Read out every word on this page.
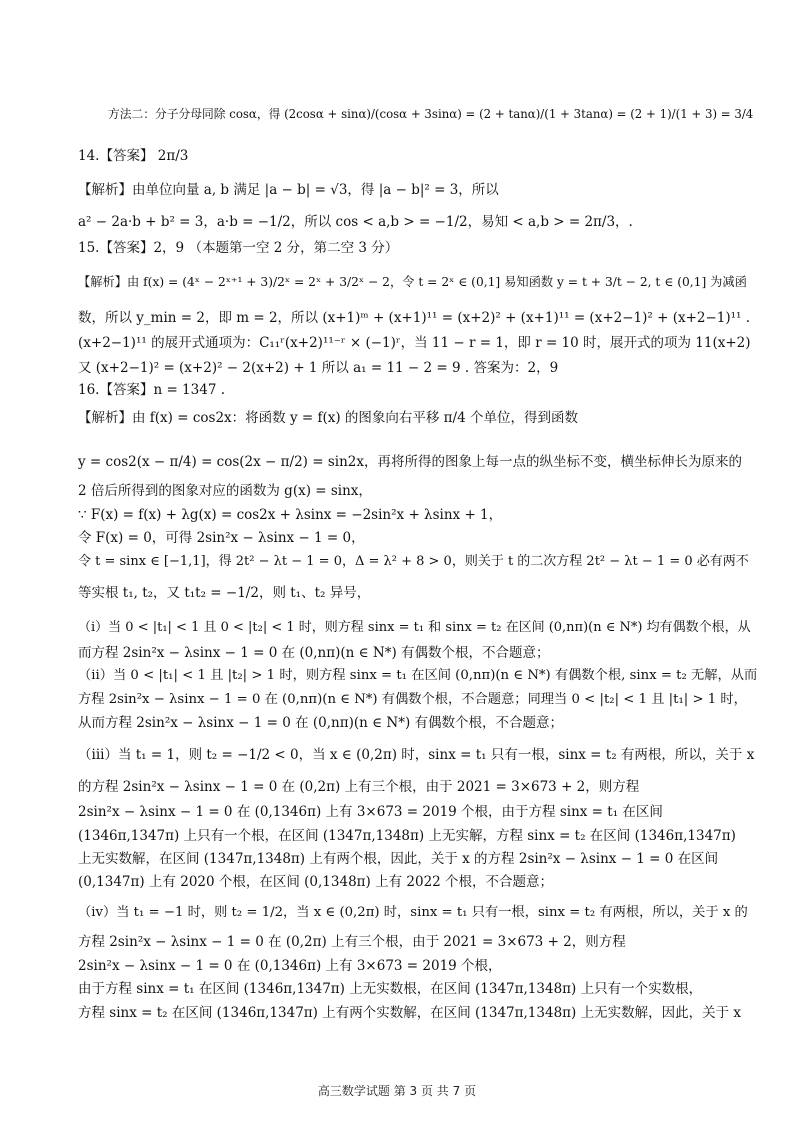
方法二：分子分母同除 cosα，得 (2cosα + sinα)/(cosα + 3sinα) = (2 + tanα)/(1 + 3tanα) = (2 + 1)/(1 + 3) = 3/4
14.【答案】 2π/3
【解析】由单位向量 a, b 满足 |a − b| = √3，得 |a − b|² = 3，所以
a² − 2a·b + b² = 3，a·b = −1/2，所以 cos < a,b > = −1/2，易知 < a,b > = 2π/3，.
15.【答案】2，9 （本题第一空 2 分，第二空 3 分）
【解析】由 f(x) = (4ˣ − 2ˣ⁺¹ + 3)/2ˣ = 2ˣ + 3/2ˣ − 2，令 t = 2ˣ ∈ (0,1] 易知函数 y = t + 3/t − 2, t ∈ (0,1] 为减函
数，所以 y_min = 2，即 m = 2，所以 (x+1)ᵐ + (x+1)¹¹ = (x+2)² + (x+1)¹¹ = (x+2−1)² + (x+2−1)¹¹ .
(x+2−1)¹¹ 的展开式通项为：C₁₁ʳ(x+2)¹¹⁻ʳ × (−1)ʳ，当 11 − r = 1，即 r = 10 时，展开式的项为 11(x+2)
又 (x+2−1)² = (x+2)² − 2(x+2) + 1 所以 a₁ = 11 − 2 = 9 . 答案为：2，9
16.【答案】n = 1347 .
【解析】由 f(x) = cos2x：将函数 y = f(x) 的图象向右平移 π/4 个单位，得到函数
y = cos2(x − π/4) = cos(2x − π/2) = sin2x，再将所得的图象上每一点的纵坐标不变，横坐标伸长为原来的
2 倍后所得到的图象对应的函数为 g(x) = sinx，
∵ F(x) = f(x) + λg(x) = cos2x + λsinx = −2sin²x + λsinx + 1，
令 F(x) = 0，可得 2sin²x − λsinx − 1 = 0，
令 t = sinx ∈ [−1,1]，得 2t² − λt − 1 = 0，Δ = λ² + 8 > 0，则关于 t 的二次方程 2t² − λt − 1 = 0 必有两不
等实根 t₁, t₂，又 t₁t₂ = −1/2，则 t₁、t₂ 异号，
（i）当 0 < |t₁| < 1 且 0 < |t₂| < 1 时，则方程 sinx = t₁ 和 sinx = t₂ 在区间 (0,nπ)(n ∈ N*) 均有偶数个根，从
而方程 2sin²x − λsinx − 1 = 0 在 (0,nπ)(n ∈ N*) 有偶数个根，不合题意；
（ii）当 0 < |t₁| < 1 且 |t₂| > 1 时，则方程 sinx = t₁ 在区间 (0,nπ)(n ∈ N*) 有偶数个根, sinx = t₂ 无解，从而
方程 2sin²x − λsinx − 1 = 0 在 (0,nπ)(n ∈ N*) 有偶数个根，不合题意；同理当 0 < |t₂| < 1 且 |t₁| > 1 时，
从而方程 2sin²x − λsinx − 1 = 0 在 (0,nπ)(n ∈ N*) 有偶数个根，不合题意；
（iii）当 t₁ = 1，则 t₂ = −1/2 < 0，当 x ∈ (0,2π) 时，sinx = t₁ 只有一根，sinx = t₂ 有两根，所以，关于 x
的方程 2sin²x − λsinx − 1 = 0 在 (0,2π) 上有三个根，由于 2021 = 3×673 + 2，则方程
2sin²x − λsinx − 1 = 0 在 (0,1346π) 上有 3×673 = 2019 个根，由于方程 sinx = t₁ 在区间
(1346π,1347π) 上只有一个根，在区间 (1347π,1348π) 上无实解，方程 sinx = t₂ 在区间 (1346π,1347π)
上无实数解，在区间 (1347π,1348π) 上有两个根，因此，关于 x 的方程 2sin²x − λsinx − 1 = 0 在区间
(0,1347π) 上有 2020 个根，在区间 (0,1348π) 上有 2022 个根，不合题意；
（iv）当 t₁ = −1 时，则 t₂ = 1/2，当 x ∈ (0,2π) 时，sinx = t₁ 只有一根，sinx = t₂ 有两根，所以，关于 x 的
方程 2sin²x − λsinx − 1 = 0 在 (0,2π) 上有三个根，由于 2021 = 3×673 + 2，则方程
2sin²x − λsinx − 1 = 0 在 (0,1346π) 上有 3×673 = 2019 个根，
由于方程 sinx = t₁ 在区间 (1346π,1347π) 上无实数根，在区间 (1347π,1348π) 上只有一个实数根，
方程 sinx = t₂ 在区间 (1346π,1347π) 上有两个实数解，在区间 (1347π,1348π) 上无实数解，因此，关于 x
高三数学试题 第 3 页 共 7 页
